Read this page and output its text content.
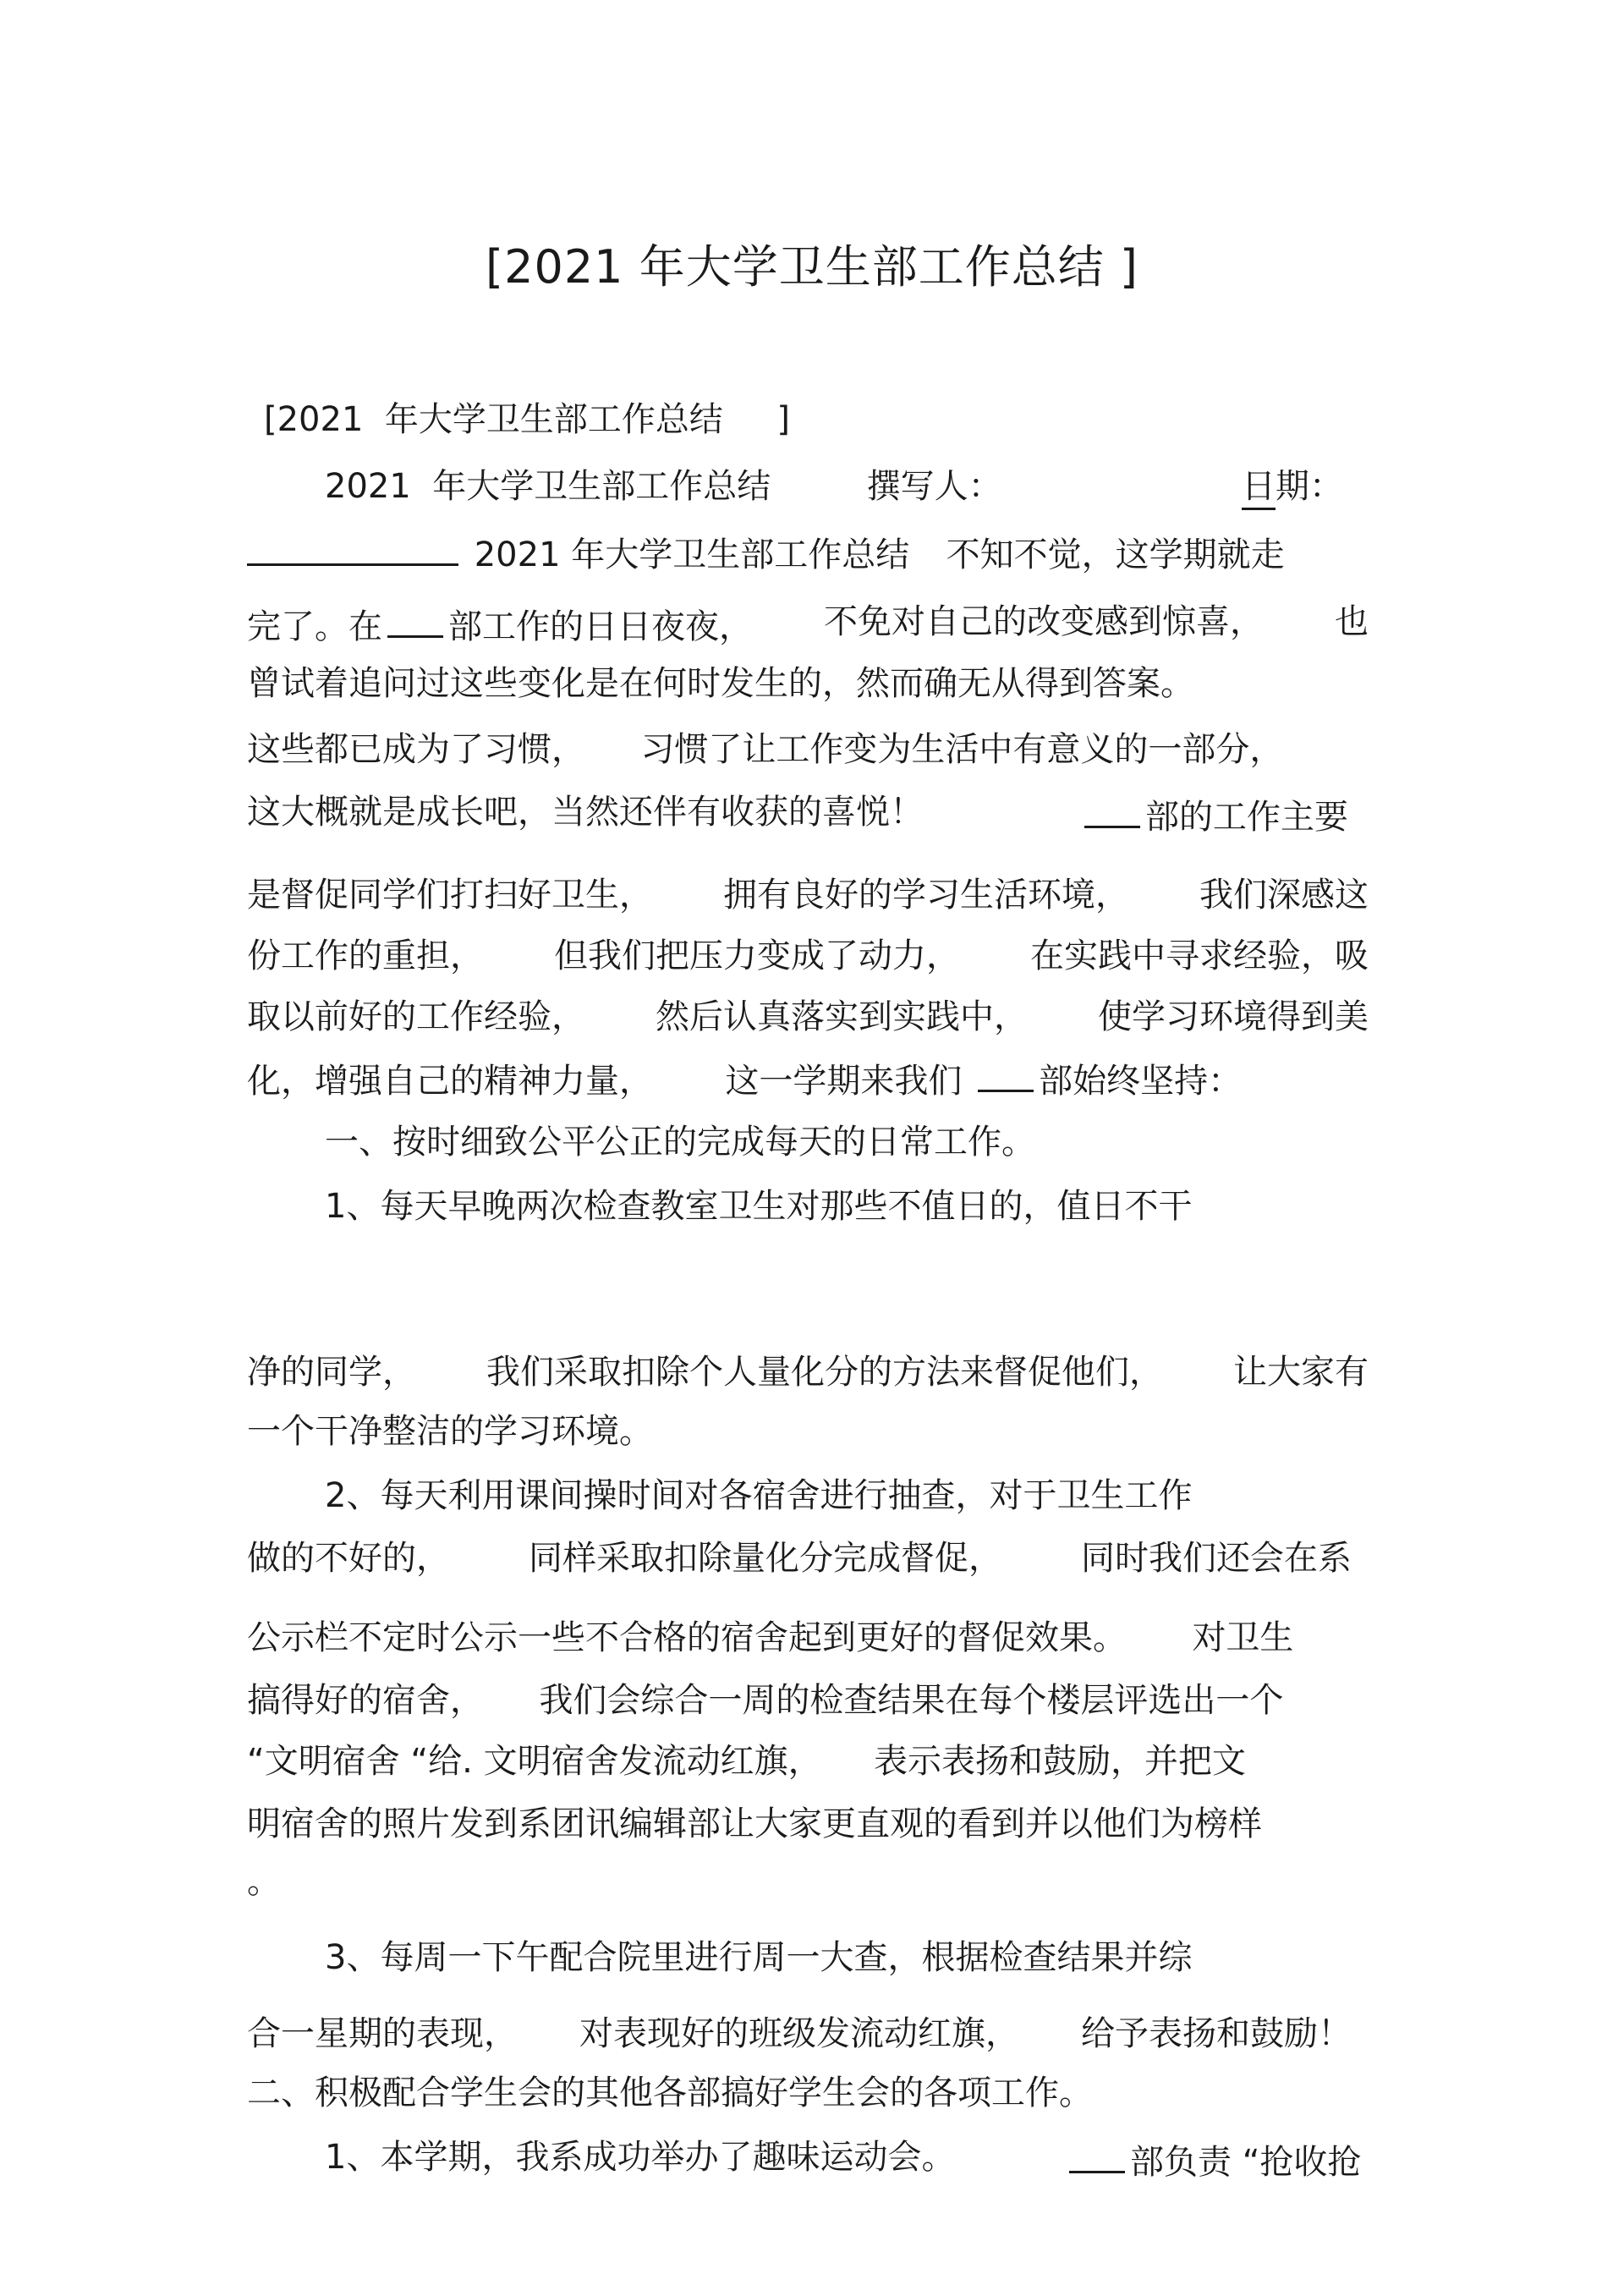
[2021 年大学卫生部工作总结 ]
[2021  年大学卫生部工作总结     ]
2021  年大学卫生部工作总结	撰写人：	日期：
2021 年大学卫生部工作总结 不知不觉，这学期就走
完了。在 部工作的日日夜夜， 不免对自己的改变感到惊喜， 也
曾试着追问过这些变化是在何时发生的，然而确无从得到答案。
这些都已成为了习惯， 习惯了让工作变为生活中有意义的一部分，
这大概就是成长吧，当然还伴有收获的喜悦！	部的工作主要
是督促同学们打扫好卫生， 拥有良好的学习生活环境， 我们深感这
份工作的重担， 但我们把压力变成了动力， 在实践中寻求经验，吸
取以前好的工作经验， 然后认真落实到实践中， 使学习环境得到美
化，增强自己的精神力量， 这一学期来我们 部始终坚持：
一、按时细致公平公正的完成每天的日常工作。
1、每天早晚两次检查教室卫生对那些不值日的，值日不干
净的同学， 我们采取扣除个人量化分的方法来督促他们， 让大家有
一个干净整洁的学习环境。
2、每天利用课间操时间对各宿舍进行抽查，对于卫生工作
做的不好的， 同样采取扣除量化分完成督促， 同时我们还会在系
公示栏不定时公示一些不合格的宿舍起到更好的督促效果。 对卫生
搞得好的宿舍， 我们会综合一周的检查结果在每个楼层评选出一个
“文明宿舍 “给. 文明宿舍发流动红旗， 表示表扬和鼓励，并把文
明宿舍的照片发到系团讯编辑部让大家更直观的看到并以他们为榜样
。
3、每周一下午配合院里进行周一大查，根据检查结果并综
合一星期的表现， 对表现好的班级发流动红旗， 给予表扬和鼓励！
二、积极配合学生会的其他各部搞好学生会的各项工作。
1、本学期，我系成功举办了趣味运动会。	部负责 “抢收抢
